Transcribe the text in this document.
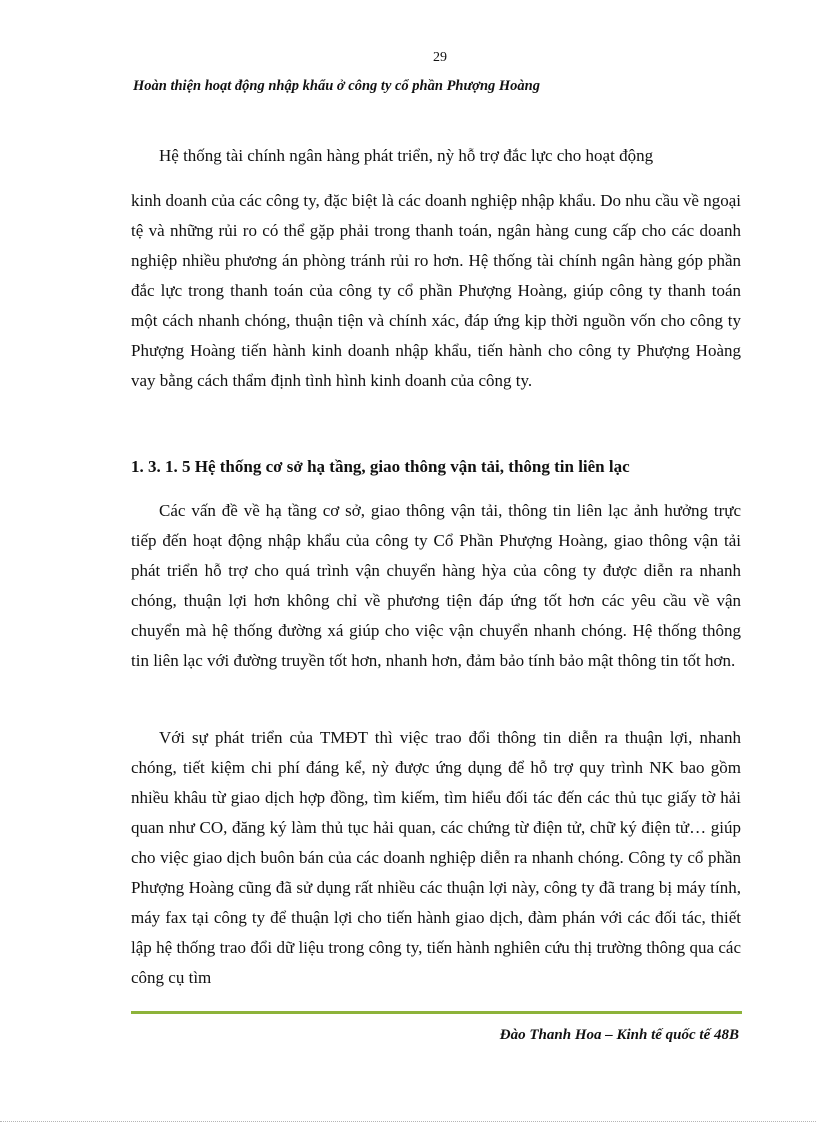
29
Hoàn thiện hoạt động nhập khẩu ở công ty cổ phần Phượng Hoàng

Hệ thống tài chính ngân hàng phát triển, nỳ hỗ trợ đắc lực cho hoạt động

kinh doanh của các công ty, đặc biệt là các doanh nghiệp nhập khẩu. Do nhu cầu về ngoại tệ và những rủi ro có thể gặp phải trong thanh toán, ngân hàng cung cấp cho các doanh nghiệp nhiều phương án phòng tránh rủi ro hơn. Hệ thống tài chính ngân hàng góp phần đắc lực trong thanh toán của công ty cổ phần Phượng Hoàng, giúp công ty thanh toán một cách nhanh chóng, thuận tiện và chính xác, đáp ứng kịp thời nguồn vốn cho công ty Phượng Hoàng tiến hành kinh doanh nhập khẩu, tiến hành cho công ty Phượng Hoàng vay bằng cách thẩm định tình hình kinh doanh của công ty.

1. 3. 1. 5 Hệ thống cơ sở hạ tầng, giao thông vận tải, thông tin liên lạc

Các vấn đề về hạ tầng cơ sở, giao thông vận tải, thông tin liên lạc ảnh hưởng trực tiếp đến hoạt động nhập khẩu của công ty Cổ Phần Phượng Hoàng, giao thông vận tải phát triển hỗ trợ cho quá trình vận chuyển hàng hỳa của công ty được diễn ra nhanh chóng, thuận lợi hơn không chỉ về phương tiện đáp ứng tốt hơn các yêu cầu về vận chuyển mà hệ thống đường xá giúp cho việc vận chuyển nhanh chóng. Hệ thống thông tin liên lạc với đường truyền tốt hơn, nhanh hơn, đảm bảo tính bảo mật thông tin tốt hơn.

Với sự phát triển của TMĐT thì việc trao đổi thông tin diễn ra thuận lợi, nhanh chóng, tiết kiệm chi phí đáng kể, nỳ được ứng dụng để hỗ trợ quy trình NK bao gồm nhiều khâu từ giao dịch hợp đồng, tìm kiếm, tìm hiểu đối tác đến các thủ tục giấy tờ hải quan như CO, đăng ký làm thủ tục hải quan, các chứng từ điện tử, chữ ký điện tử… giúp cho việc giao dịch buôn bán của các doanh nghiệp diễn ra nhanh chóng. Công ty cổ phần Phượng Hoàng cũng đã sử dụng rất nhiều các thuận lợi này, công ty đã trang bị máy tính, máy fax tại công ty để thuận lợi cho tiến hành giao dịch, đàm phán với các đối tác, thiết lập hệ thống trao đổi dữ liệu trong công ty, tiến hành nghiên cứu thị trường thông qua các công cụ tìm

Đào Thanh Hoa – Kinh tế quốc tế 48B
